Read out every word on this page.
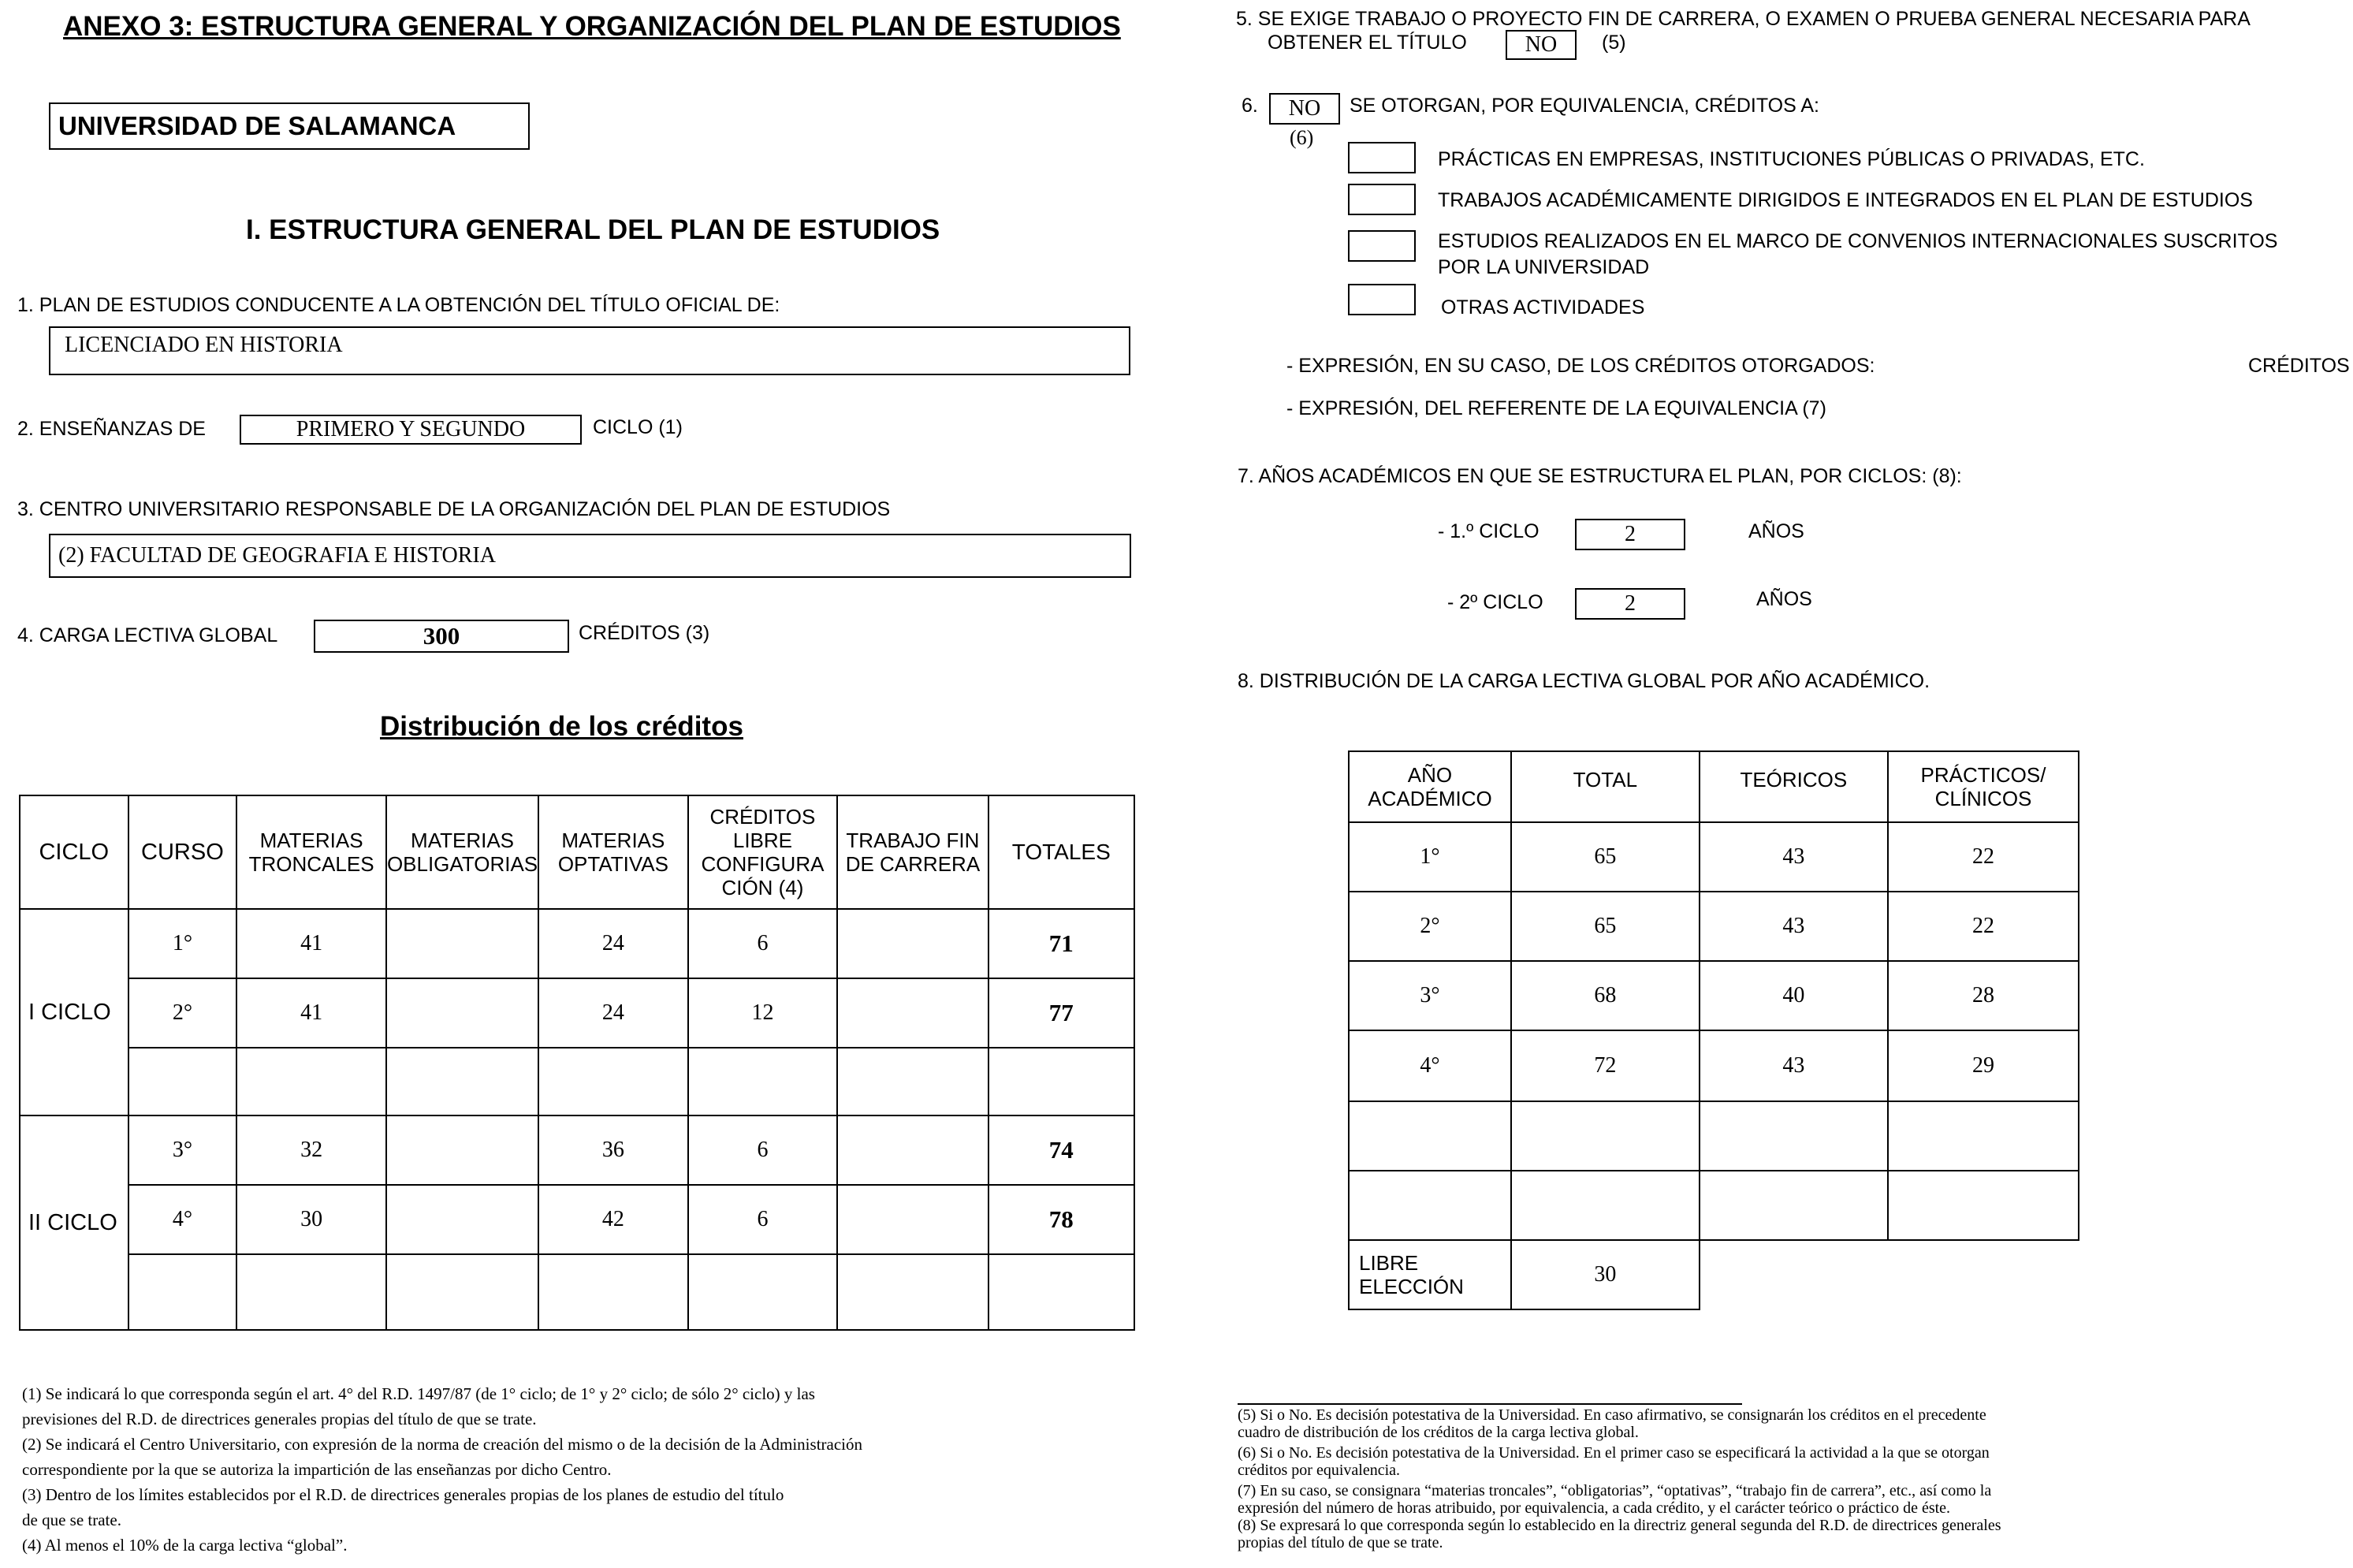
ANEXO 3: ESTRUCTURA GENERAL Y ORGANIZACIÓN DEL PLAN DE ESTUDIOS
UNIVERSIDAD DE SALAMANCA
I. ESTRUCTURA GENERAL DEL PLAN DE ESTUDIOS
1. PLAN DE ESTUDIOS CONDUCENTE A LA OBTENCIÓN DEL TÍTULO OFICIAL DE:
LICENCIADO EN HISTORIA
2. ENSEÑANZAS DE	PRIMERO Y SEGUNDO	CICLO (1)
3. CENTRO UNIVERSITARIO RESPONSABLE DE LA ORGANIZACIÓN DEL PLAN DE ESTUDIOS
(2) FACULTAD DE GEOGRAFIA E HISTORIA
4. CARGA LECTIVA GLOBAL	300	CRÉDITOS (3)
Distribución de los créditos
CICLO	CURSO	MATERIAS TRONCALES	MATERIAS OBLIGATORIAS	MATERIAS OPTATIVAS	CRÉDITOS LIBRE CONFIGURA CIÓN (4)	TRABAJO FIN DE CARRERA	TOTALES
I CICLO	1°	41		24	6		71
	2°	41		24	12		77

II CICLO	3°	32		36	6		74
	4°	30		42	6		78

(1) Se indicará lo que corresponda según el art. 4° del R.D. 1497/87 (de 1° ciclo; de 1° y 2° ciclo; de sólo 2° ciclo) y las
previsiones del R.D. de directrices generales propias del título de que se trate.
(2) Se indicará el Centro Universitario, con expresión de la norma de creación del mismo o de la decisión de la Administración
correspondiente por la que se autoriza la impartición de las enseñanzas por dicho Centro.
(3) Dentro de los límites establecidos por el R.D. de directrices generales propias de los planes de estudio del título
de que se trate.
(4) Al menos el 10% de la carga lectiva “global”.
5. SE EXIGE TRABAJO O PROYECTO FIN DE CARRERA, O EXAMEN O PRUEBA GENERAL NECESARIA PARA
OBTENER EL TÍTULO	NO (5)
6. NO
(6)
SE OTORGAN, POR EQUIVALENCIA, CRÉDITOS A:
PRÁCTICAS EN EMPRESAS, INSTITUCIONES PÚBLICAS O PRIVADAS, ETC.
TRABAJOS ACADÉMICAMENTE DIRIGIDOS E INTEGRADOS EN EL PLAN DE ESTUDIOS
ESTUDIOS REALIZADOS EN EL MARCO DE CONVENIOS INTERNACIONALES SUSCRITOS
POR LA UNIVERSIDAD
OTRAS ACTIVIDADES
- EXPRESIÓN, EN SU CASO, DE LOS CRÉDITOS OTORGADOS:	CRÉDITOS
- EXPRESIÓN, DEL REFERENTE DE LA EQUIVALENCIA (7)
7. AÑOS ACADÉMICOS EN QUE SE ESTRUCTURA EL PLAN, POR CICLOS: (8):
- 1.º CICLO	2	AÑOS
- 2º CICLO	2	AÑOS
8. DISTRIBUCIÓN DE LA CARGA LECTIVA GLOBAL POR AÑO ACADÉMICO.
AÑO ACADÉMICO	TOTAL	TEÓRICOS	PRÁCTICOS/ CLÍNICOS
1°	65	43	22
2°	65	43	22
3°	68	40	28
4°	72	43	29

LIBRE ELECCIÓN	30		
(5) Si o No. Es decisión potestativa de la Universidad. En caso afirmativo, se consignarán los créditos en el precedente
cuadro de distribución de los créditos de la carga lectiva global.
(6) Si o No. Es decisión potestativa de la Universidad. En el primer caso se especificará la actividad a la que se otorgan
créditos por equivalencia.
(7) En su caso, se consignara “materias troncales”, “obligatorias”, “optativas”, “trabajo fin de carrera”, etc., así como la
expresión del número de horas atribuido, por equivalencia, a cada crédito, y el carácter teórico o práctico de éste.
(8) Se expresará lo que corresponda según lo establecido en la directriz general segunda del R.D. de directrices generales
propias del título de que se trate.
